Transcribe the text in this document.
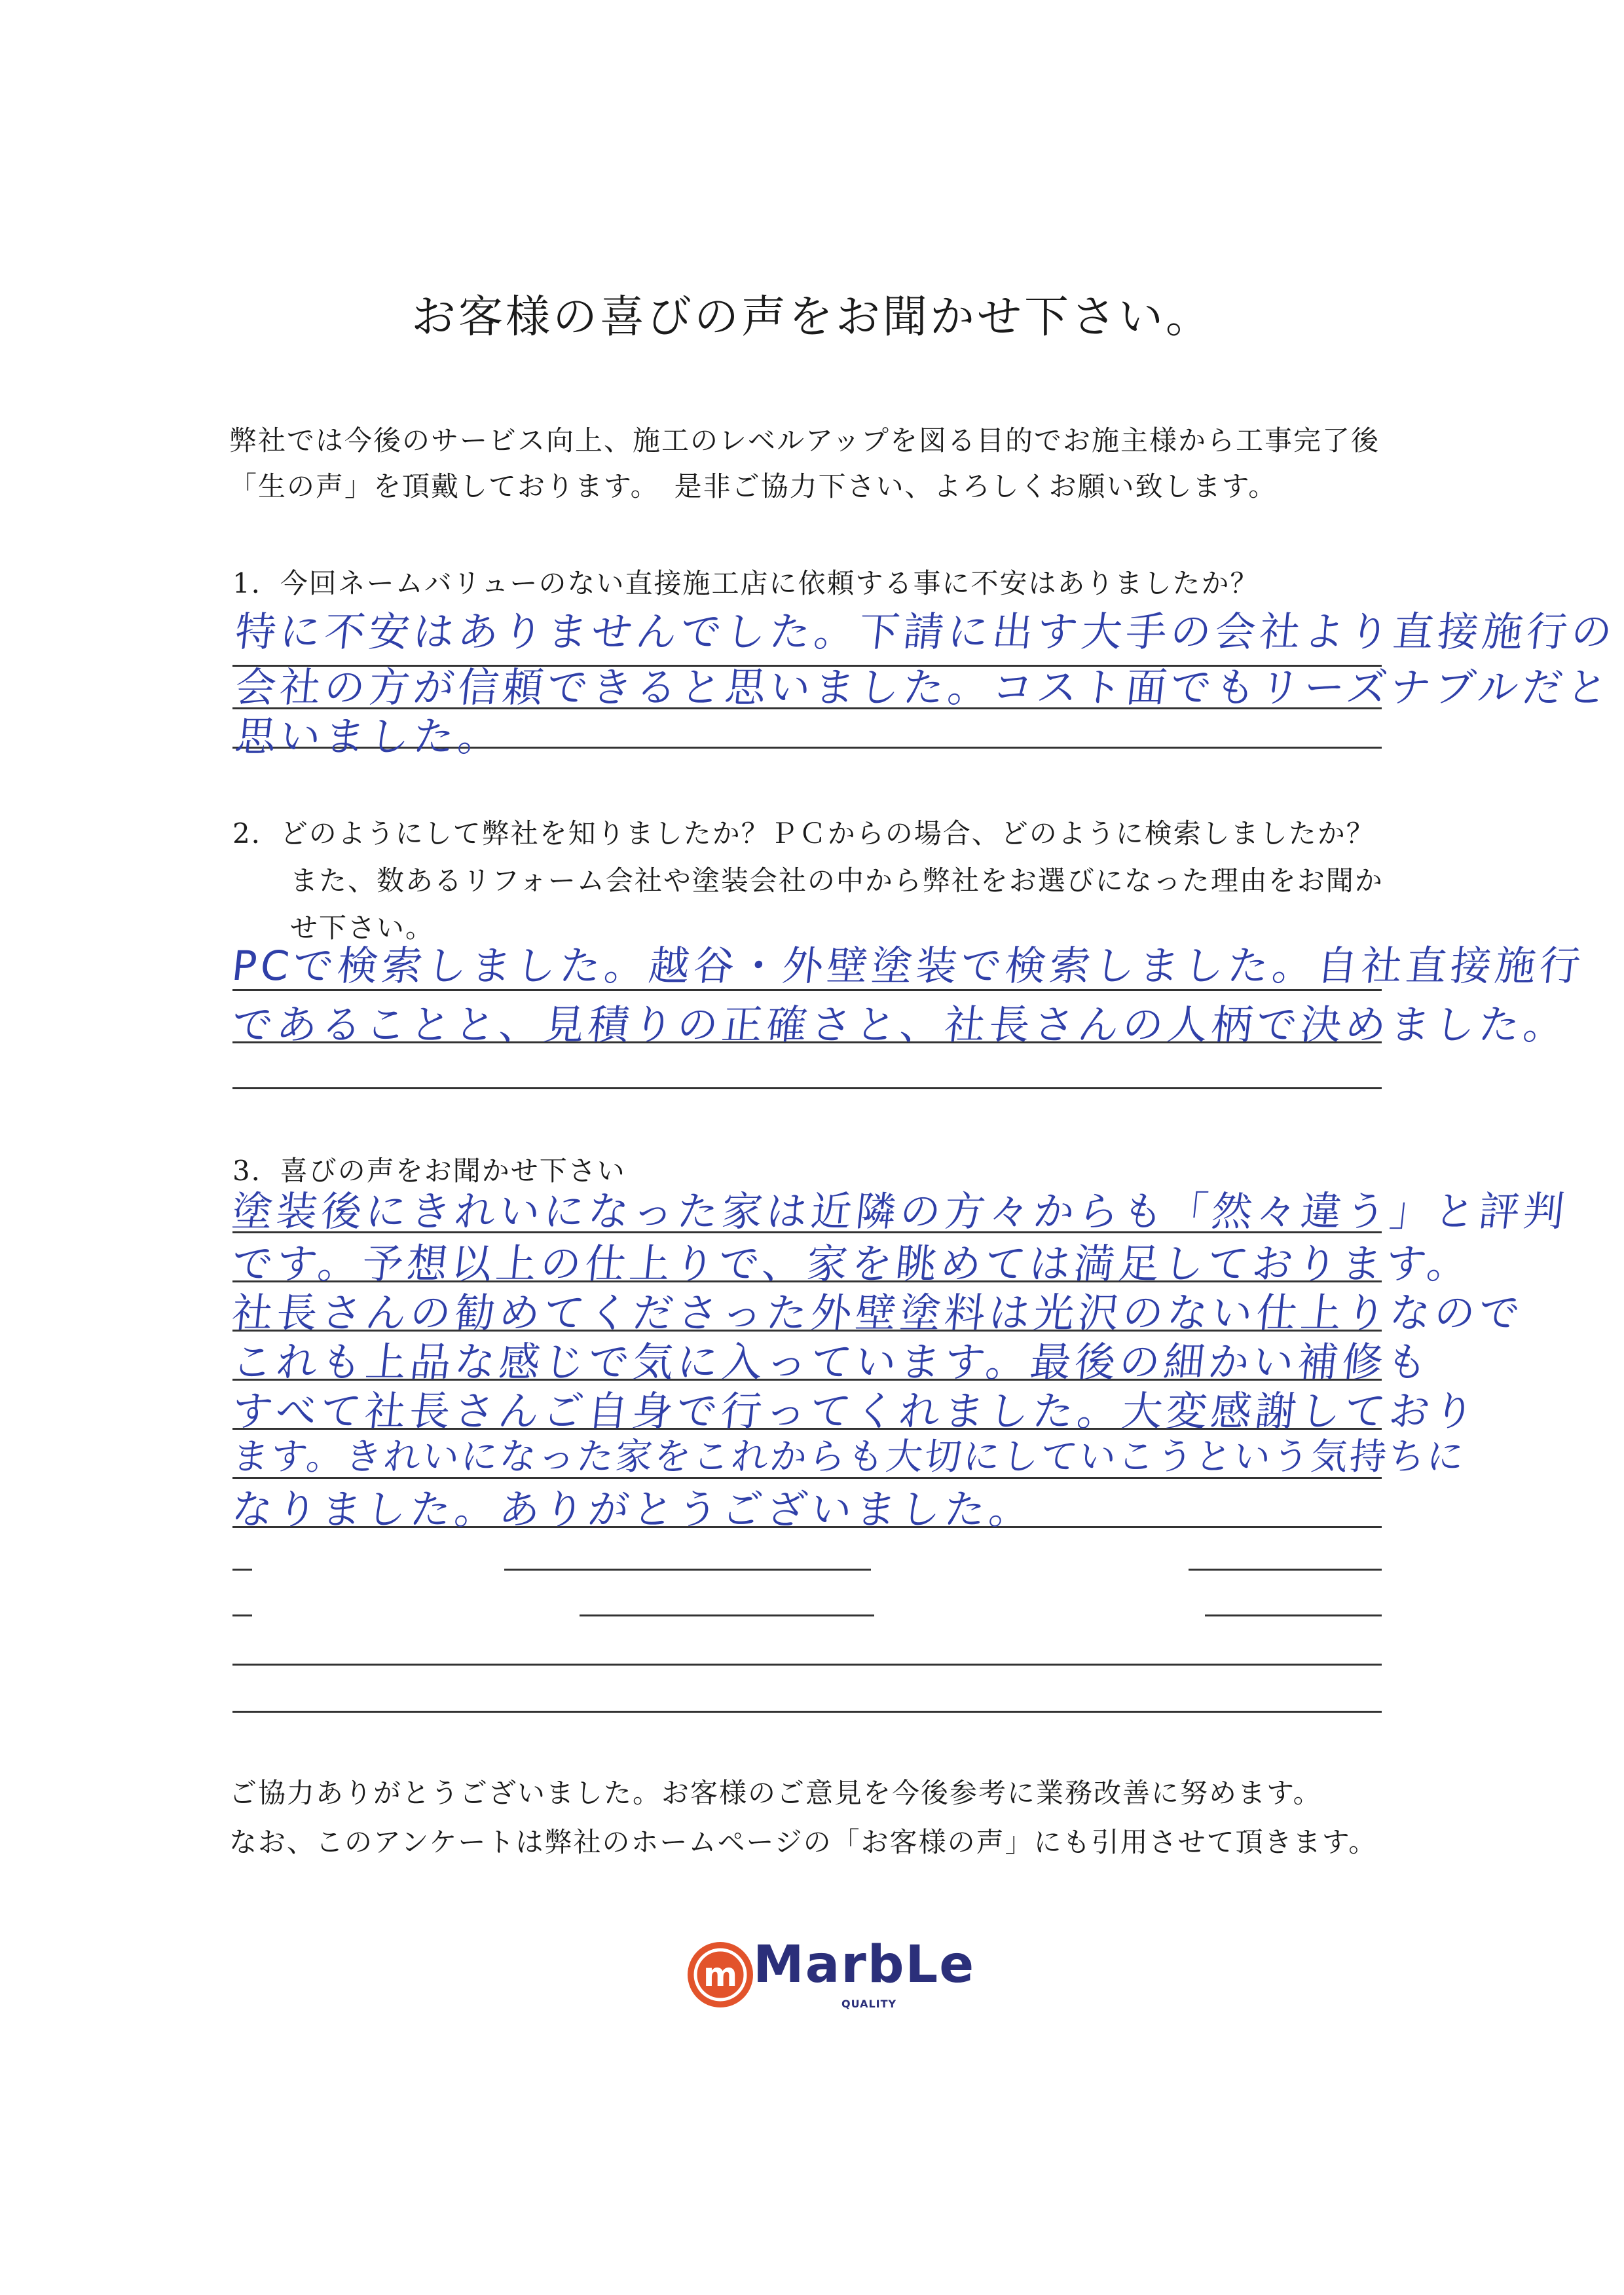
お客様の喜びの声をお聞かせ下さい。
弊社では今後のサービス向上、施工のレベルアップを図る目的でお施主様から工事完了後
「生の声」を頂戴しております。　是非ご協力下さい、よろしくお願い致します。
1．今回ネームバリューのない直接施工店に依頼する事に不安はありましたか？
特に不安はありませんでした。下請に出す大手の会社より直接施行の
会社の方が信頼できると思いました。コスト面でもリーズナブルだと
思いました。
2．どのようにして弊社を知りましたか？ＰＣからの場合、どのように検索しましたか？
　　また、数あるリフォーム会社や塗装会社の中から弊社をお選びになった理由をお聞か
　　せ下さい。
PCで検索しました。越谷・外壁塗装で検索しました。自社直接施行
であることと、見積りの正確さと、社長さんの人柄で決めました。
3．喜びの声をお聞かせ下さい
塗装後にきれいになった家は近隣の方々からも「然々違う」と評判
です。予想以上の仕上りで、家を眺めては満足しております。
社長さんの勧めてくださった外壁塗料は光沢のない仕上りなので
これも上品な感じで気に入っています。最後の細かい補修も
すべて社長さんご自身で行ってくれました。大変感謝しており
ます。きれいになった家をこれからも大切にしていこうという気持ちに
なりました。ありがとうございました。
ご協力ありがとうございました。お客様のご意見を今後参考に業務改善に努めます。
なお、このアンケートは弊社のホームページの「お客様の声」にも引用させて頂きます。
m MarbLe
QUALITY
